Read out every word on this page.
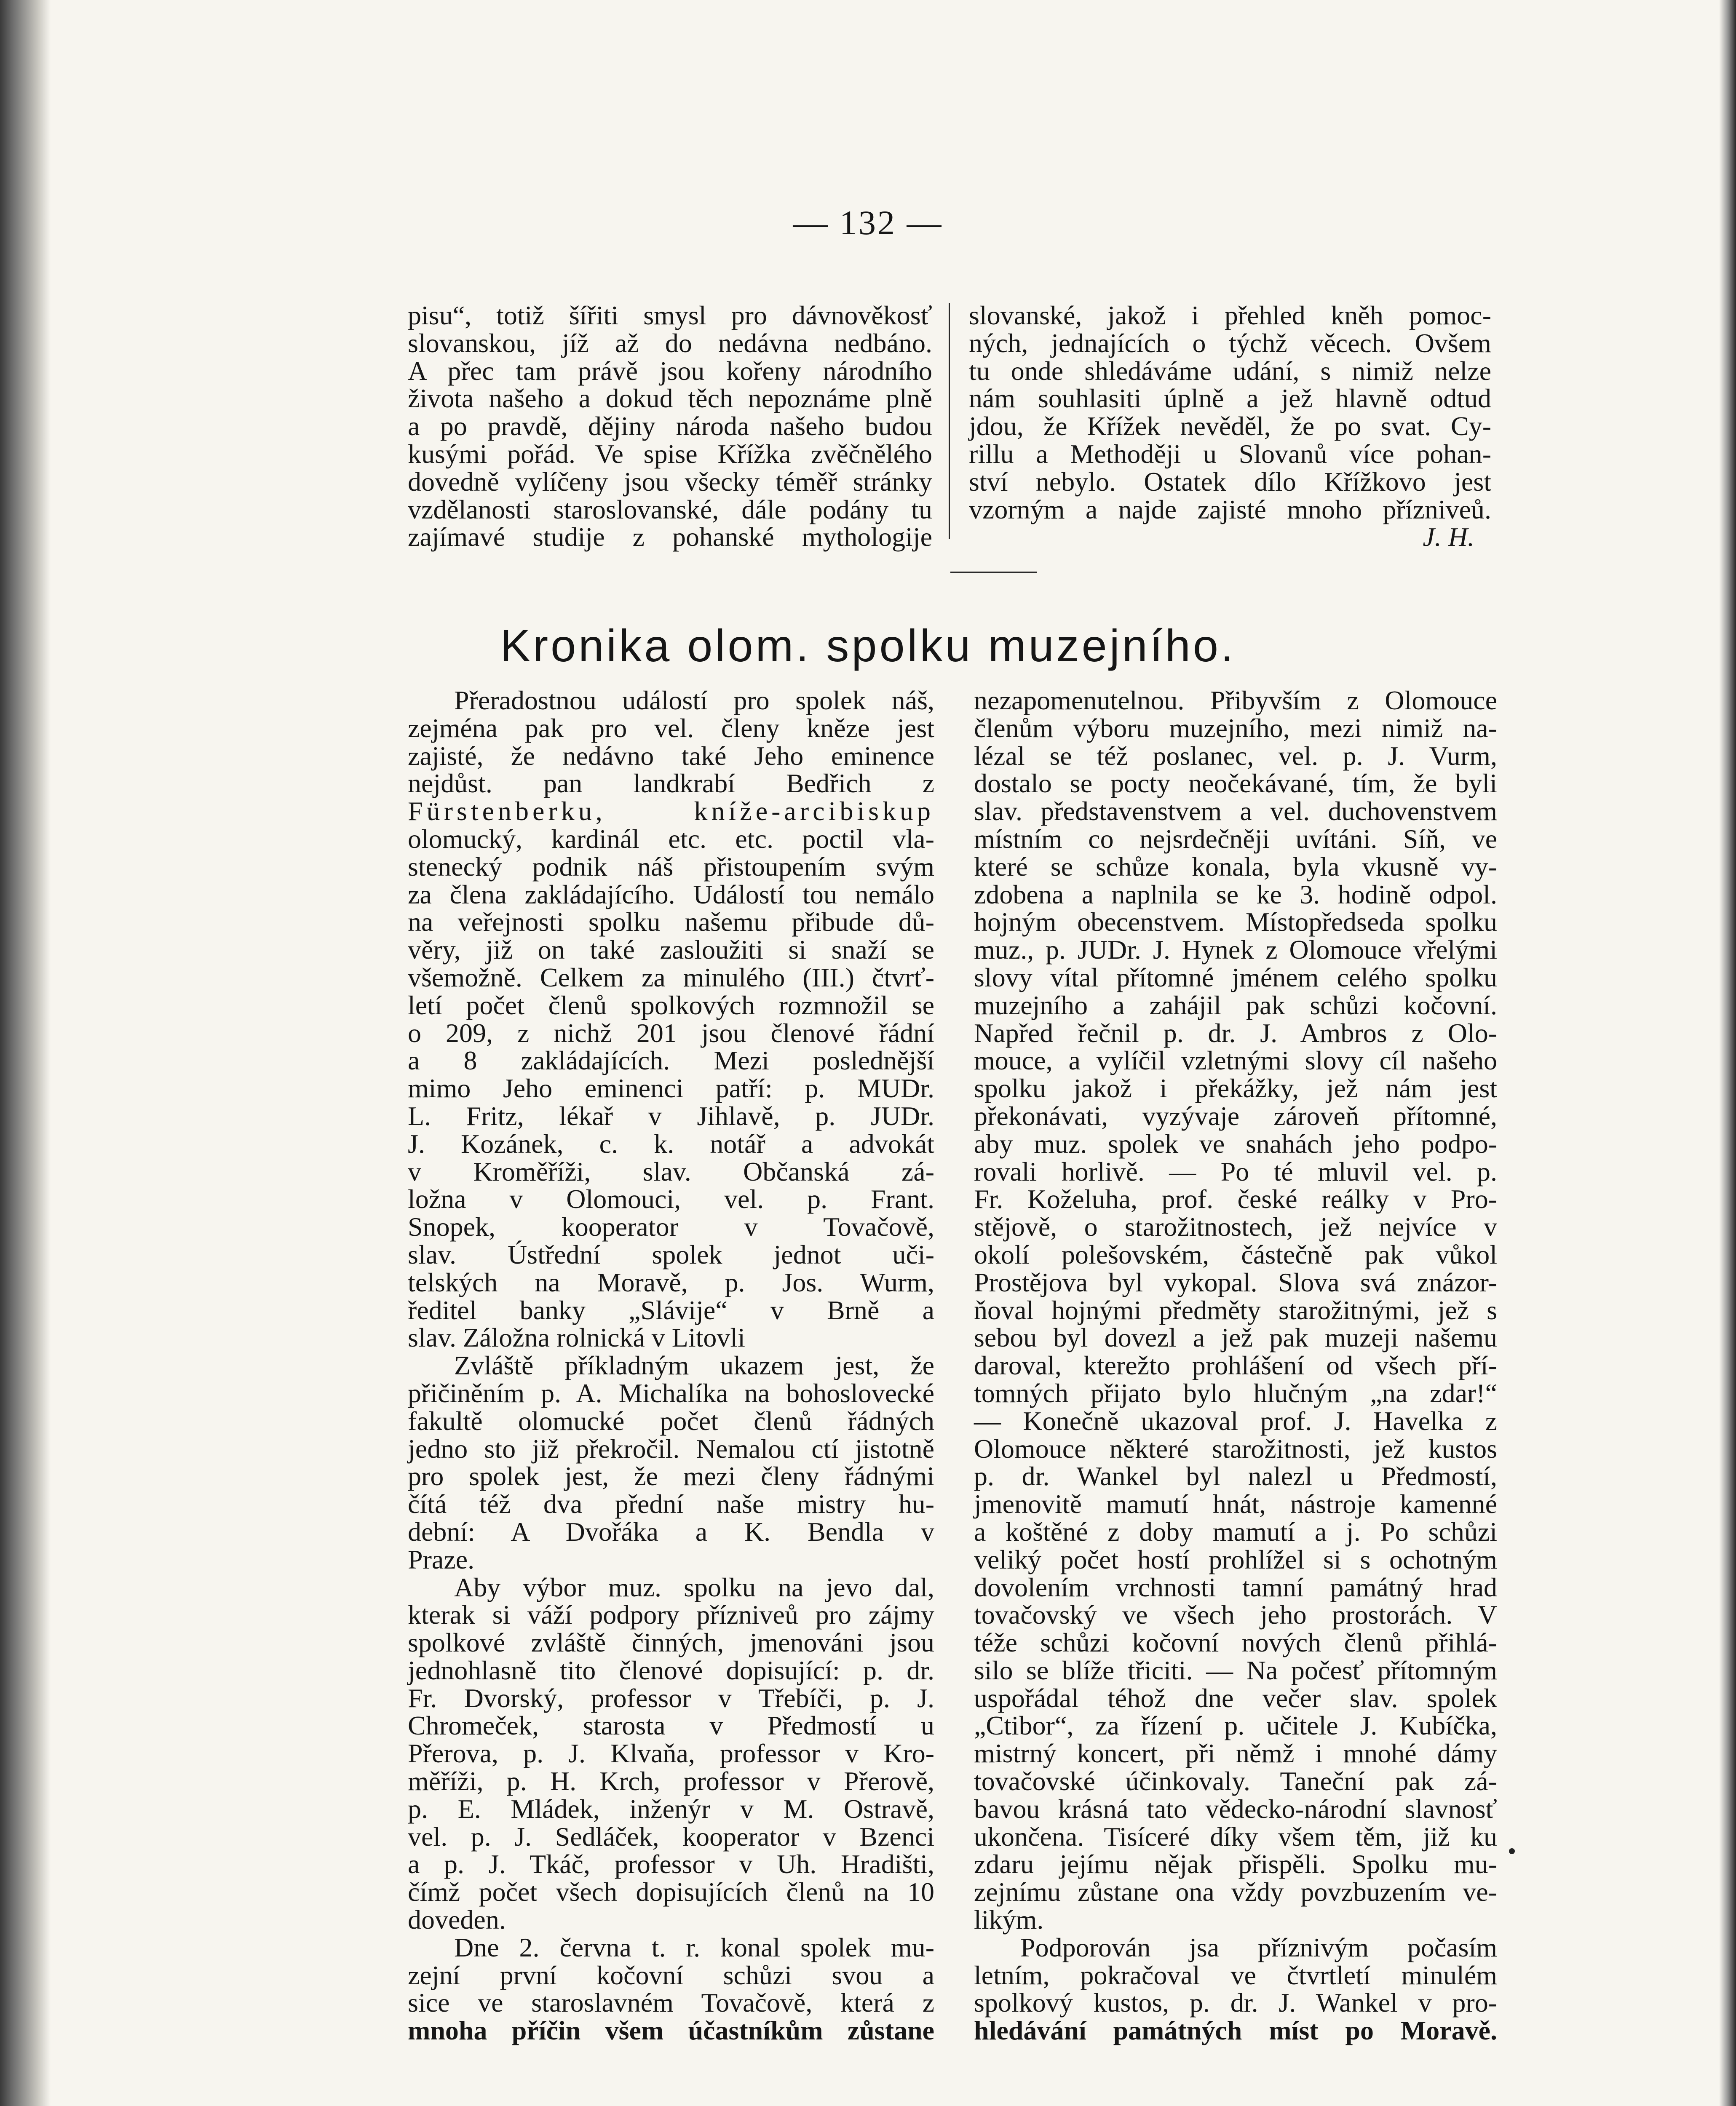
— 132 —
pisu“, totiž šířiti smysl pro dávnověkosť
slovanskou, jíž až do nedávna nedbáno.
A přec tam právě jsou kořeny národního
života našeho a dokud těch nepoznáme plně
a po pravdě, dějiny národa našeho budou
kusými pořád. Ve spise Křížka zvěčnělého
dovedně vylíčeny jsou všecky téměř stránky
vzdělanosti staroslovanské, dále podány tu
zajímavé studije z pohanské mythologije
slovanské, jakož i přehled kněh pomoc-
ných, jednajících o týchž věcech. Ovšem
tu onde shledáváme udání, s nimiž nelze
nám souhlasiti úplně a jež hlavně odtud
jdou, že Křížek nevěděl, že po svat. Cy-
rillu a Methoději u Slovanů více pohan-
ství nebylo. Ostatek dílo Křížkovo jest
vzorným a najde zajisté mnoho přízniveů.
J. H.
Kronika olom. spolku muzejního.
Přeradostnou událostí pro spolek náš,
zejména pak pro vel. členy kněze jest
zajisté, že nedávno také Jeho eminence
nejdůst. pan landkrabí Bedřich z
Fürstenberku, kníže-arcibiskup
olomucký, kardinál etc. etc. poctil vla-
stenecký podnik náš přistoupením svým
za člena zakládajícího. Událostí tou nemálo
na veřejnosti spolku našemu přibude dů-
věry, již on také zasloužiti si snaží se
všemožně. Celkem za minulého (III.) čtvrť-
letí počet členů spolkových rozmnožil se
o 209, z nichž 201 jsou členové řádní
a 8 zakládajících. Mezi poslednější
mimo Jeho eminenci patří: p. MUDr.
L. Fritz, lékař v Jihlavě, p. JUDr.
J. Kozánek, c. k. notář a advokát
v Kroměříži, slav. Občanská zá-
ložna v Olomouci, vel. p. Frant.
Snopek, kooperator v Tovačově,
slav. Ústřední spolek jednot uči-
telských na Moravě, p. Jos. Wurm,
ředitel banky „Slávije“ v Brně a
slav. Záložna rolnická v Litovli
Zvláště příkladným ukazem jest, že
přičiněním p. A. Michalíka na bohoslovecké
fakultě olomucké počet členů řádných
jedno sto již překročil. Nemalou ctí jistotně
pro spolek jest, že mezi členy řádnými
čítá též dva přední naše mistry hu-
dební: A Dvořáka a K. Bendla v
Praze.
Aby výbor muz. spolku na jevo dal,
kterak si váží podpory přízniveů pro zájmy
spolkové zvláště činných, jmenováni jsou
jednohlasně tito členové dopisující: p. dr.
Fr. Dvorský, professor v Třebíči, p. J.
Chromeček, starosta v Předmostí u
Přerova, p. J. Klvaňa, professor v Kro-
měříži, p. H. Krch, professor v Přerově,
p. E. Mládek, inženýr v M. Ostravě,
vel. p. J. Sedláček, kooperator v Bzenci
a p. J. Tkáč, professor v Uh. Hradišti,
čímž počet všech dopisujících členů na 10
doveden.
Dne 2. června t. r. konal spolek mu-
zejní první kočovní schůzi svou a
sice ve staroslavném Tovačově, která z
mnoha příčin všem účastníkům zůstane
nezapomenutelnou. Přibyvším z Olomouce
členům výboru muzejního, mezi nimiž na-
lézal se též poslanec, vel. p. J. Vurm,
dostalo se pocty neočekávané, tím, že byli
slav. představenstvem a vel. duchovenstvem
místním co nejsrdečněji uvítáni. Síň, ve
které se schůze konala, byla vkusně vy-
zdobena a naplnila se ke 3. hodině odpol.
hojným obecenstvem. Místopředseda spolku
muz., p. JUDr. J. Hynek z Olomouce vřelými
slovy vítal přítomné jménem celého spolku
muzejního a zahájil pak schůzi kočovní.
Napřed řečnil p. dr. J. Ambros z Olo-
mouce, a vylíčil vzletnými slovy cíl našeho
spolku jakož i překážky, jež nám jest
překonávati, vyzývaje zároveň přítomné,
aby muz. spolek ve snahách jeho podpo-
rovali horlivě. — Po té mluvil vel. p.
Fr. Koželuha, prof. české reálky v Pro-
stějově, o starožitnostech, jež nejvíce v
okolí polešovském, částečně pak vůkol
Prostějova byl vykopal. Slova svá znázor-
ňoval hojnými předměty starožitnými, jež s
sebou byl dovezl a jež pak muzeji našemu
daroval, kterežto prohlášení od všech pří-
tomných přijato bylo hlučným „na zdar!“
— Konečně ukazoval prof. J. Havelka z
Olomouce některé starožitnosti, jež kustos
p. dr. Wankel byl nalezl u Předmostí,
jmenovitě mamutí hnát, nástroje kamenné
a koštěné z doby mamutí a j. Po schůzi
veliký počet hostí prohlížel si s ochotným
dovolením vrchnosti tamní památný hrad
tovačovský ve všech jeho prostorách. V
téže schůzi kočovní nových členů přihlá-
silo se blíže třiciti. — Na počesť přítomným
uspořádal téhož dne večer slav. spolek
„Ctibor“, za řízení p. učitele J. Kubíčka,
mistrný koncert, při němž i mnohé dámy
tovačovské účinkovaly. Taneční pak zá-
bavou krásná tato vědecko-národní slavnosť
ukončena. Tisíceré díky všem těm, již ku
zdaru jejímu nějak přispěli. Spolku mu-
zejnímu zůstane ona vždy povzbuzením ve-
likým.
Podporován jsa příznivým počasím
letním, pokračoval ve čtvrtletí minulém
spolkový kustos, p. dr. J. Wankel v pro-
hledávání památných míst po Moravě.
